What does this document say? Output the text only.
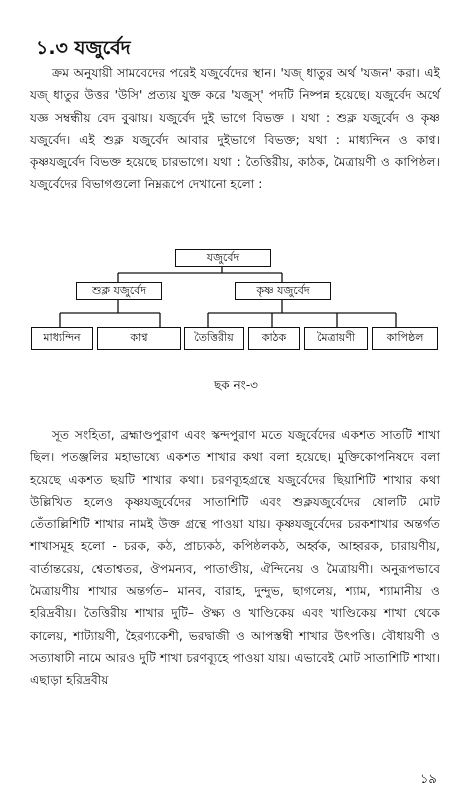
১.৩ যজুর্বেদ

ক্রম অনুযায়ী সামবেদের পরেই যজুর্বেদের স্থান। 'যজ্ ধাতুর অর্থ 'যজন' করা। এই যজ্ ধাতুর উত্তর 'উসি' প্রত্যয় যুক্ত করে 'যজুস্' পদটি নিষ্পন্ন হয়েছে। যজুর্বেদ অর্থে যজ্ঞ সম্বন্ধীয় বেদ বুঝায়। যজুর্বেদ দুই ভাগে বিভক্ত । যথা : শুক্ল যজুর্বেদ ও কৃষ্ণ যজুর্বেদ। এই শুক্ল যজুর্বেদ আবার দুইভাগে বিভক্ত; যথা : মাধ্যন্দিন ও কাণ্ব। কৃষ্ণযজুর্বেদ বিভক্ত হয়েছে চারভাগে। যথা : তৈত্তিরীয়, কাঠক, মৈত্রায়ণী ও কাপিষ্ঠল। যজুর্বেদের বিভাগগুলো নিম্নরূপে দেখানো হলো :

যজুর্বেদ
শুক্ল যজুর্বেদ	কৃষ্ণ যজুর্বেদ
মাধ্যন্দিন	কাণ্ব	তৈত্তিরীয়	কাঠক	মৈত্রায়ণী	কাপিষ্ঠল
ছক নং-৩

সূত সংহিতা, ব্রহ্মাণ্ডপুরাণ এবং স্কন্দপুরাণ মতে যজুর্বেদের একশত সাতটি শাখা ছিল। পতঞ্জলির মহাভাষ্যে একশত শাখার কথা বলা হয়েছে। মুক্তিকোপনিষদে বলা হয়েছে একশত ছয়টি শাখার কথা। চরণব্যূহগ্রন্থে যজুর্বেদের ছিয়াশিটি শাখার কথা উল্লিখিত হলেও কৃষ্ণযজুর্বেদের সাতাশিটি এবং শুক্লযজুর্বেদের ষোলটি মোট তেঁতাল্লিশিটি শাখার নামই উক্ত গ্রন্থে পাওয়া যায়। কৃষ্ণযজুর্বেদের চরকশাখার অন্তর্গত শাখাসমূহ হলো - চরক, কঠ, প্রাচ্যকঠ, কপিষ্ঠলকঠ, অর্হ্বক, আহ্বরক, চারায়ণীয়, বার্তান্তরেয়, শ্বেতাশ্বতর, ঔপমন্যব, পাতাণ্ডীয়, ঐন্দিনেয় ও মৈত্রায়ণী। অনুরূপভাবে মৈত্রায়ণীয় শাখার অন্তর্গত– মানব, বারাহ, দুন্দুভ, ছাগলেয়, শ্যাম, শ্যামানীয় ও হরিদ্রবীয়। তৈত্তিরীয় শাখার দুটি– ঔক্ষ্য ও খাণ্ডিকেয় এবং খাণ্ডিকেয় শাখা থেকে কালেয়, শাট্যায়ণী, হৈরণ্যকেশী, ভরদ্বাজী ও আপস্তম্বী শাখার উৎপত্তি। বৌধায়ণী ও সত্যাষাঢী নামে আরও দুটি শাখা চরণব্যূহে পাওয়া যায়। এভাবেই মোট সাতাশিটি শাখা। এছাড়া হরিদ্রবীয়

১৯
